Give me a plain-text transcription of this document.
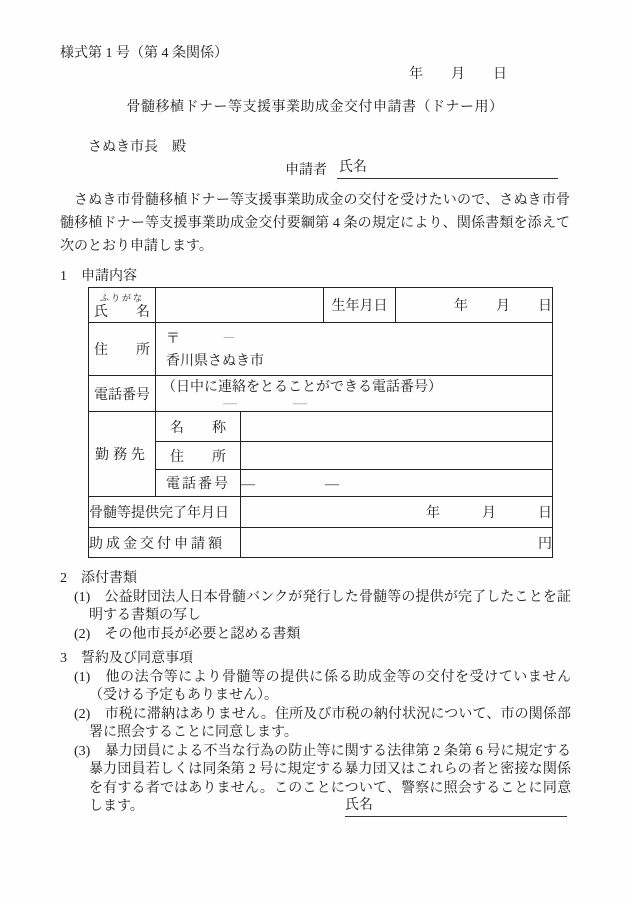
様式第 1 号（第 4 条関係）
年　　月　　日
骨髄移植ドナー等支援事業助成金交付申請書（ドナー用）
さぬき市長　殿
申請者 氏名
さぬき市骨髄移植ドナー等支援事業助成金の交付を受けたいので、さぬき市骨髄移植ドナー等支援事業助成金交付要綱第 4 条の規定により、関係書類を添えて次のとおり申請します。
1　申請内容
ふりがな
氏　　名			生年月日	年　　月　　日
住　　所	〒 －
香川県さぬき市			

電話番号	（日中に連絡をとることができる電話番号）
―　　　　―			

勤務先	名　　称			
	住　　所			
	電話番号	―　　　　　―		
骨髄等提供完了年月日		年　　　月　　　日		
助成金交付申請額		円		
2　添付書類
(1)　公益財団法人日本骨髄バンクが発行した骨髄等の提供が完了したことを証明する書類の写し
(2)　その他市長が必要と認める書類
3　誓約及び同意事項
(1)　他の法令等により骨髄等の提供に係る助成金等の交付を受けていません（受ける予定もありません）。
(2)　市税に滞納はありません。住所及び市税の納付状況について、市の関係部署に照会することに同意します。
(3)　暴力団員による不当な行為の防止等に関する法律第 2 条第 6 号に規定する暴力団員若しくは同条第 2 号に規定する暴力団又はこれらの者と密接な関係を有する者ではありません。このことについて、警察に照会することに同意します。	氏名
